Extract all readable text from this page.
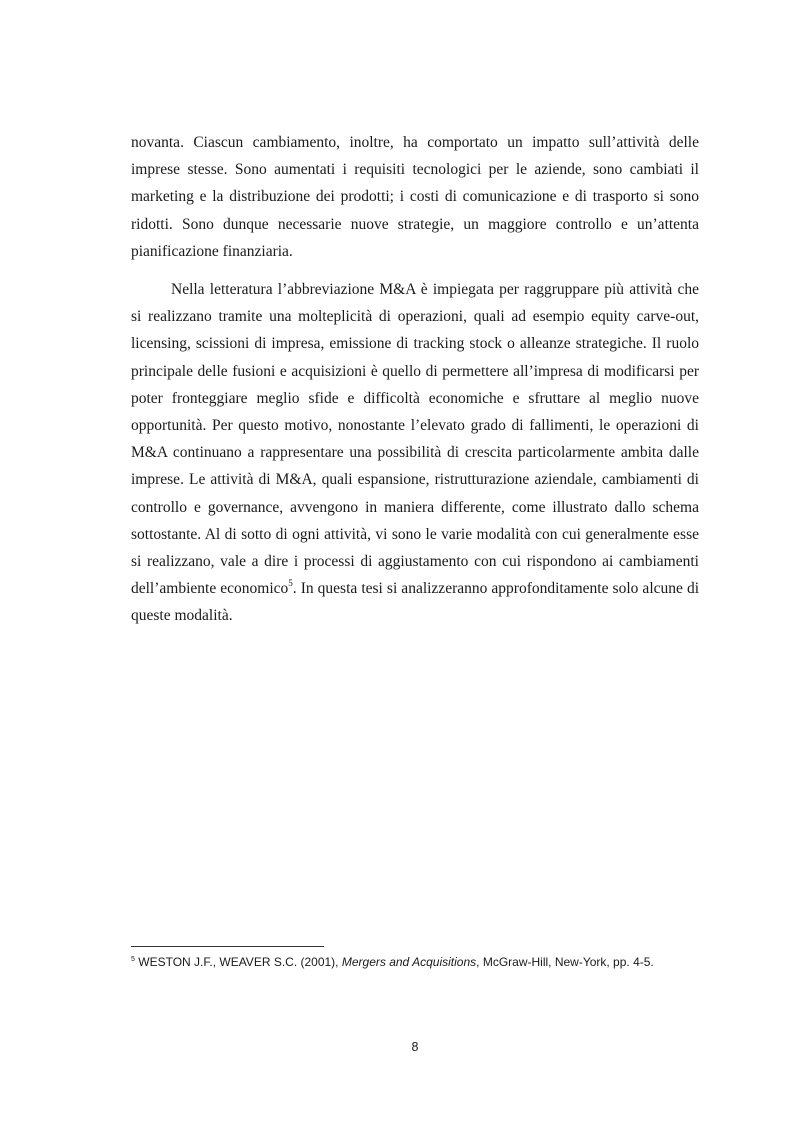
novanta. Ciascun cambiamento, inoltre, ha comportato un impatto sull’attività delle imprese stesse. Sono aumentati i requisiti tecnologici per le aziende, sono cambiati il marketing e la distribuzione dei prodotti; i costi di comunicazione e di trasporto si sono ridotti. Sono dunque necessarie nuove strategie, un maggiore controllo e un’attenta pianificazione finanziaria.

Nella letteratura l’abbreviazione M&A è impiegata per raggruppare più attività che si realizzano tramite una molteplicità di operazioni, quali ad esempio equity carve-out, licensing, scissioni di impresa, emissione di tracking stock o alleanze strategiche. Il ruolo principale delle fusioni e acquisizioni è quello di permettere all’impresa di modificarsi per poter fronteggiare meglio sfide e difficoltà economiche e sfruttare al meglio nuove opportunità. Per questo motivo, nonostante l’elevato grado di fallimenti, le operazioni di M&A continuano a rappresentare una possibilità di crescita particolarmente ambita dalle imprese. Le attività di M&A, quali espansione, ristrutturazione aziendale, cambiamenti di controllo e governance, avvengono in maniera differente, come illustrato dallo schema sottostante. Al di sotto di ogni attività, vi sono le varie modalità con cui generalmente esse si realizzano, vale a dire i processi di aggiustamento con cui rispondono ai cambiamenti dell’ambiente economico$^5$. In questa tesi si analizzeranno approfonditamente solo alcune di queste modalità.

$^5$ WESTON J.F., WEAVER S.C. (2001), Mergers and Acquisitions, McGraw-Hill, New-York, pp. 4-5.
8
